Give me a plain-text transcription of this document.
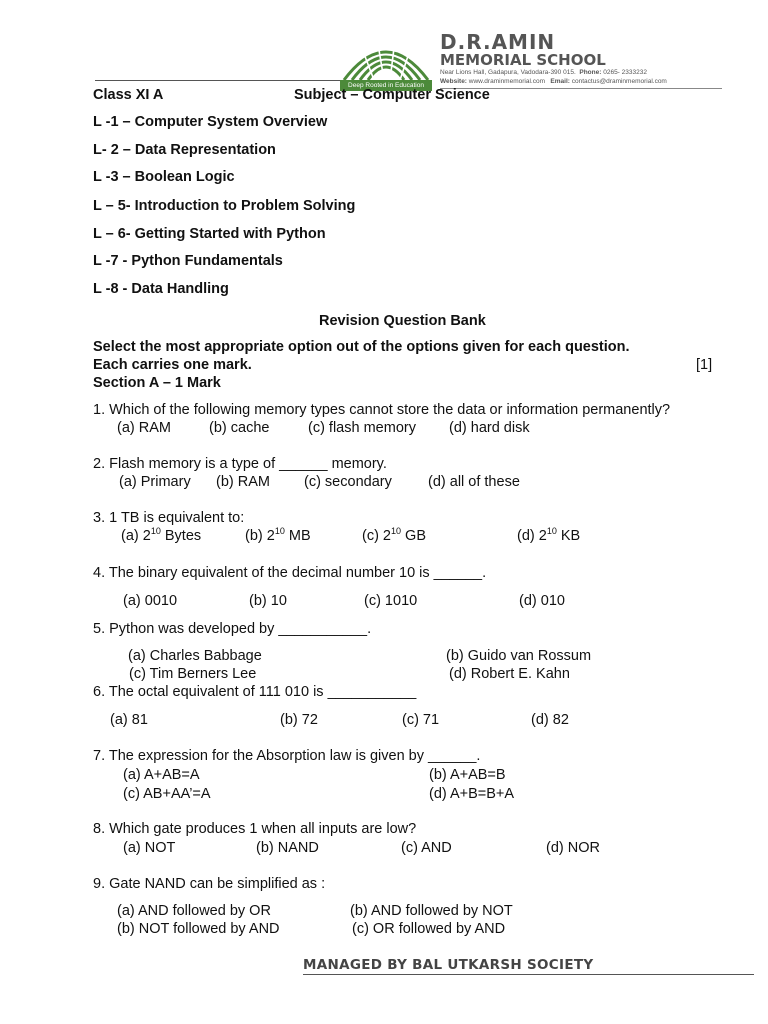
Deep Rooted in Education
D.R.AMIN
MEMORIAL SCHOOL
Near Lions Hall, Gadapura, Vadodara-390 015. Phone: 0265- 2333232
Website: www.draminmemorial.com Email: contactus@draminmemorial.com
Class XI A	Subject – Computer Science
L -1 – Computer System Overview
L- 2 – Data Representation
L -3 – Boolean Logic
L – 5- Introduction to Problem Solving
L – 6- Getting Started with Python
L -7 - Python Fundamentals
L -8 - Data Handling
Revision Question Bank
Select the most appropriate option out of the options given for each question.
Each carries one mark.	[1]
Section A – 1 Mark
1. Which of the following memory types cannot store the data or information permanently?
(a) RAM	(b) cache	(c) flash memory (d) hard disk
2. Flash memory is a type of ______ memory.
(a) Primary (b) RAM (c) secondary (d) all of these
3. 1 TB is equivalent to:
(a) $2^{10}$ Bytes	(b) $2^{10}$ MB	(c) $2^{10}$ GB	(d) $2^{10}$ KB
4. The binary equivalent of the decimal number 10 is ______.
(a) 0010	(b) 10	(c) 1010	(d) 010
5. Python was developed by ___________.
(a) Charles Babbage	(b) Guido van Rossum
(c) Tim Berners Lee	(d) Robert E. Kahn
6. The octal equivalent of 111 010 is ___________
(a) 81	(b) 72	(c) 71	(d) 82
7. The expression for the Absorption law is given by ______.
(a) A+AB=A	(b) A+AB=B
(c) AB+AA’=A	(d) A+B=B+A
8. Which gate produces 1 when all inputs are low?
(a) NOT	(b) NAND	(c) AND	(d) NOR
9. Gate NAND can be simplified as :
(a) AND followed by OR	(b) AND followed by NOT
(b) NOT followed by AND	(c) OR followed by AND
MANAGED BY BAL UTKARSH SOCIETY
